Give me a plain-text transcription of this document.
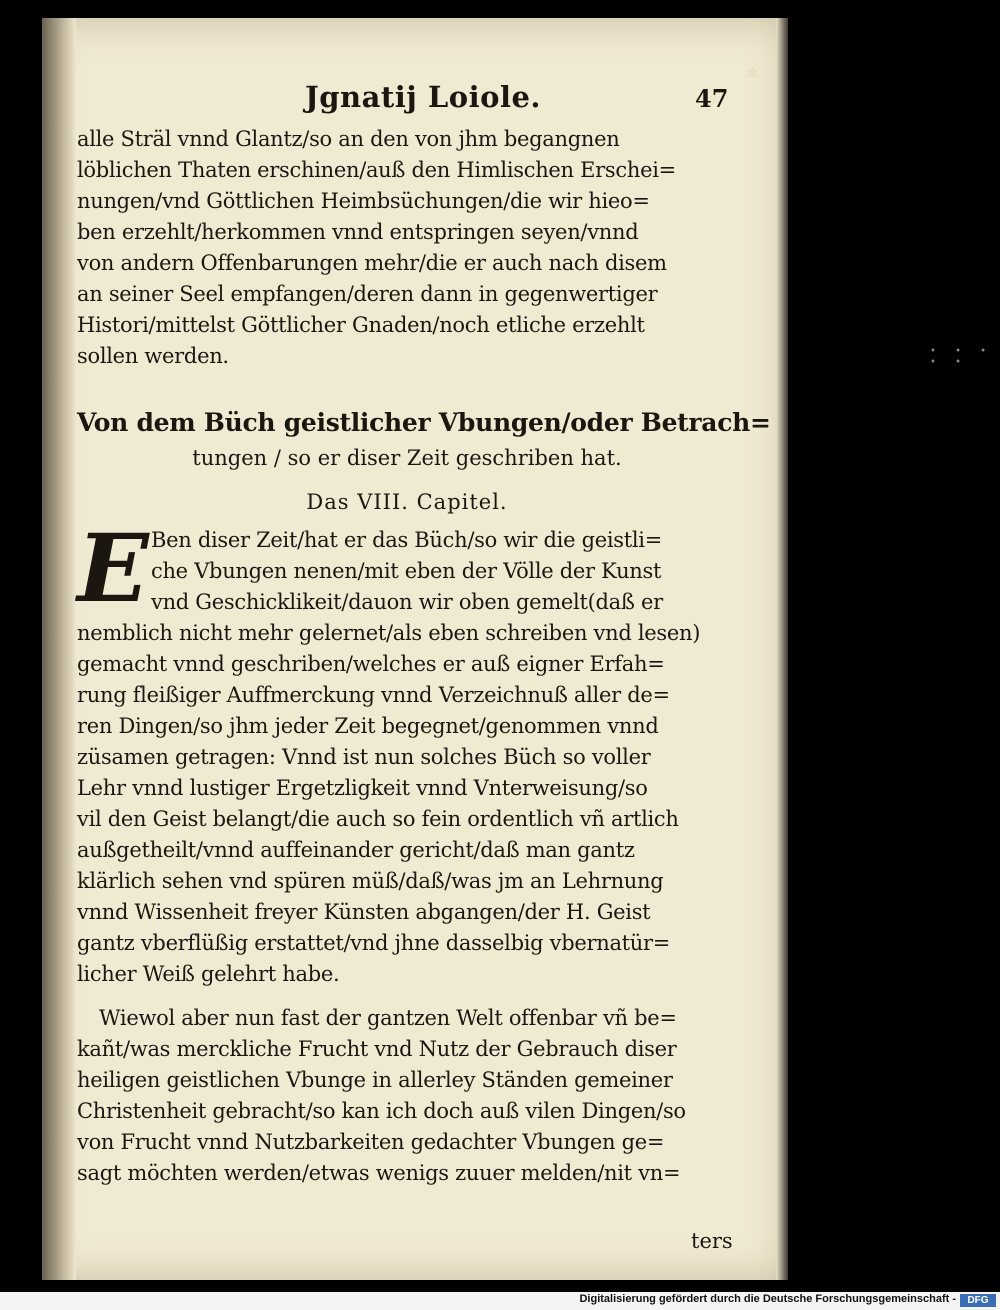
Jgnatij Loiole.	47
alle Sträl vnnd Glantz/so an den von jhm begangnen
löblichen Thaten erschinen/auß den Himlischen Erschei=
nungen/vnd Göttlichen Heimbsüchungen/die wir hieo=
ben erzehlt/herkommen vnnd entspringen seyen/vnnd
von andern Offenbarungen mehr/die er auch nach disem
an seiner Seel empfangen/deren dann in gegenwertiger
Histori/mittelst Göttlicher Gnaden/noch etliche erzehlt
sollen werden.
Von dem Büch geistlicher Vbungen/oder Betrach=
tungen / so er diser Zeit geschriben hat.
Das VIII. Capitel.
E Ben diser Zeit/hat er das Büch/so wir die geistli=
che Vbungen nenen/mit eben der Völle der Kunst
vnd Geschicklikeit/dauon wir oben gemelt(daß er
nemblich nicht mehr gelernet/als eben schreiben vnd lesen)
gemacht vnnd geschriben/welches er auß eigner Erfah=
rung fleißiger Auffmerckung vnnd Verzeichnuß aller de=
ren Dingen/so jhm jeder Zeit begegnet/genommen vnnd
züsamen getragen: Vnnd ist nun solches Büch so voller
Lehr vnnd lustiger Ergetzligkeit vnnd Vnterweisung/so
vil den Geist belangt/die auch so fein ordentlich vñ artlich
außgetheilt/vnnd auffeinander gericht/daß man gantz
klärlich sehen vnd spüren müß/daß/was jm an Lehrnung
vnnd Wissenheit freyer Künsten abgangen/der H. Geist
gantz vberflüßig erstattet/vnd jhne dasselbig vbernatür=
licher Weiß gelehrt habe.
Wiewol aber nun fast der gantzen Welt offenbar vñ be=
kañt/was merckliche Frucht vnd Nutz der Gebrauch diser
heiligen geistlichen Vbunge in allerley Ständen gemeiner
Christenheit gebracht/so kan ich doch auß vilen Dingen/so
von Frucht vnnd Nutzbarkeiten gedachter Vbungen ge=
sagt möchten werden/etwas wenigs zuuer melden/nit vn=
ters
✱
• • • • •
Digitalisierung gefördert durch die Deutsche Forschungsgemeinschaft -	DFG
